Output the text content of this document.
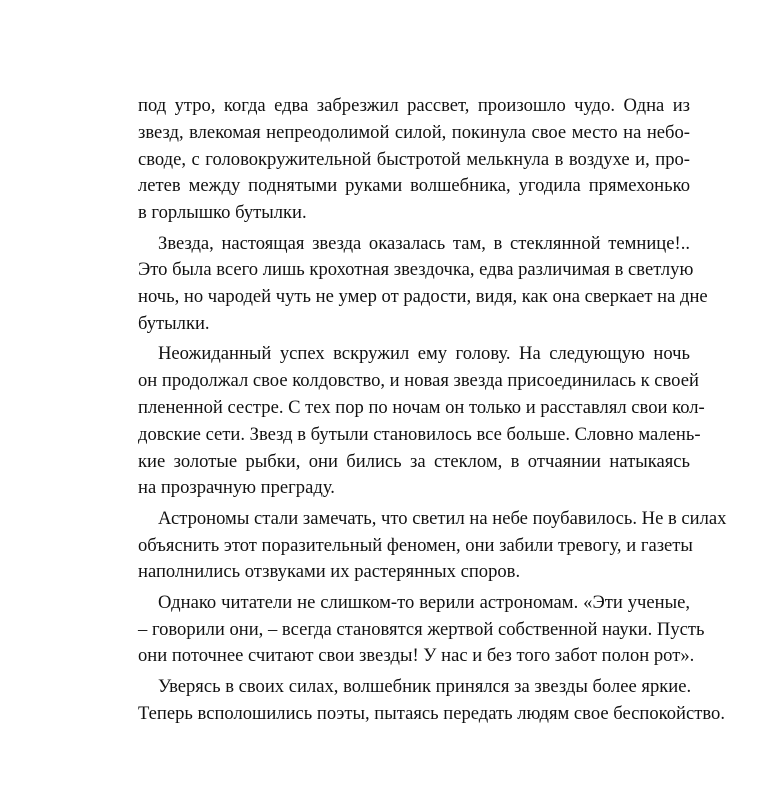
под утро, когда едва забрезжил рассвет, произошло чудо. Одна из
звезд, влекомая непреодолимой силой, покинула свое место на небо-
своде, с головокружительной быстротой мелькнула в воздухе и, про-
летев между поднятыми руками волшебника, угодила прямехонько
в горлышко бутылки.
Звезда, настоящая звезда оказалась там, в стеклянной темнице!..
Это была всего лишь крохотная звездочка, едва различимая в светлую
ночь, но чародей чуть не умер от радости, видя, как она сверкает на дне
бутылки.
Неожиданный успех вскружил ему голову. На следующую ночь
он продолжал свое колдовство, и новая звезда присоединилась к своей
плененной сестре. С тех пор по ночам он только и расставлял свои кол-
довские сети. Звезд в бутыли становилось все больше. Словно малень-
кие золотые рыбки, они бились за стеклом, в отчаянии натыкаясь
на прозрачную преграду.
Астрономы стали замечать, что светил на небе поубавилось. Не в силах
объяснить этот поразительный феномен, они забили тревогу, и газеты
наполнились отзвуками их растерянных споров.
Однако читатели не слишком-то верили астрономам. «Эти ученые,
– говорили они, – всегда становятся жертвой собственной науки. Пусть
они поточнее считают свои звезды! У нас и без того забот полон рот».
Уверясь в своих силах, волшебник принялся за звезды более яркие.
Теперь всполошились поэты, пытаясь передать людям свое беспокойство.
